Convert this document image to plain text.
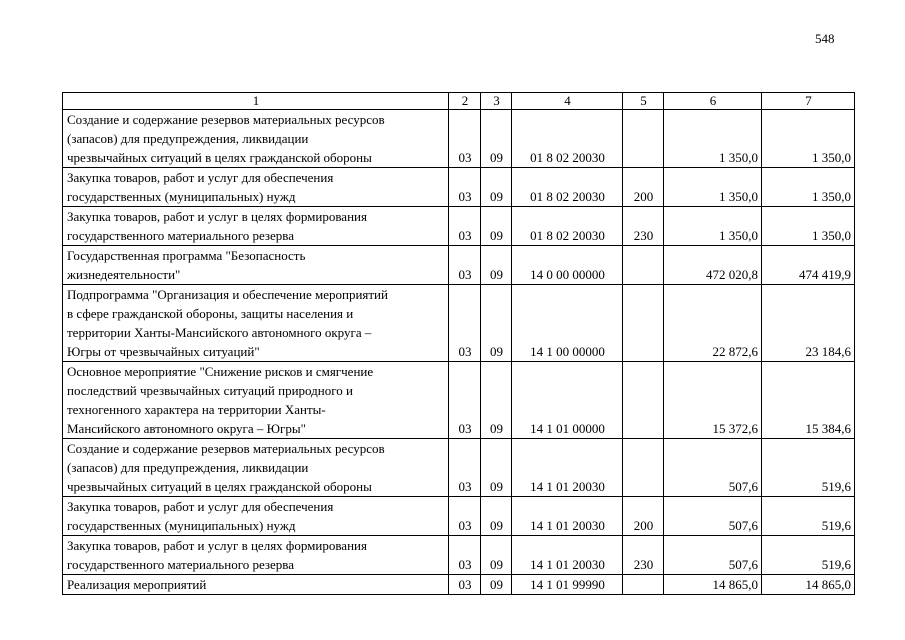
548
1	2	3	4	5	6	7

Создание и содержание резервов материальных ресурсов
(запасов) для предупреждения, ликвидации
чрезвычайных ситуаций в целях гражданской обороны	03	09	01 8 02 20030		1 350,0	1 350,0

Закупка товаров, работ и услуг для обеспечения
государственных (муниципальных) нужд	03	09	01 8 02 20030	200	1 350,0	1 350,0

Закупка товаров, работ и услуг в целях формирования
государственного материального резерва	03	09	01 8 02 20030	230	1 350,0	1 350,0

Государственная программа "Безопасность
жизнедеятельности"	03	09	14 0 00 00000		472 020,8	474 419,9

Подпрограмма "Организация и обеспечение мероприятий
в сфере гражданской обороны, защиты населения и
территории Ханты-Мансийского автономного округа –
Югры от чрезвычайных ситуаций"	03	09	14 1 00 00000		22 872,6	23 184,6

Основное мероприятие "Снижение рисков и смягчение
последствий чрезвычайных ситуаций природного и
техногенного характера на территории Ханты-
Мансийского автономного округа – Югры"	03	09	14 1 01 00000		15 372,6	15 384,6

Создание и содержание резервов материальных ресурсов
(запасов) для предупреждения, ликвидации
чрезвычайных ситуаций в целях гражданской обороны	03	09	14 1 01 20030		507,6	519,6

Закупка товаров, работ и услуг для обеспечения
государственных (муниципальных) нужд	03	09	14 1 01 20030	200	507,6	519,6

Закупка товаров, работ и услуг в целях формирования
государственного материального резерва	03	09	14 1 01 20030	230	507,6	519,6

Реализация мероприятий	03	09	14 1 01 99990		14 865,0	14 865,0
